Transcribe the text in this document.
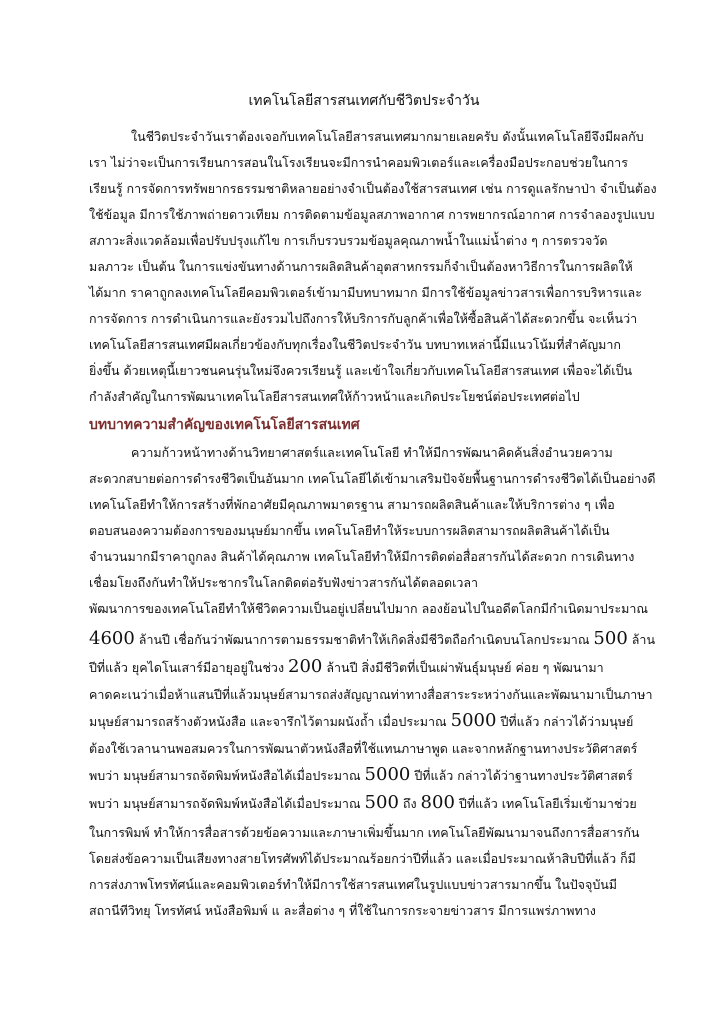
เทคโนโลยีสารสนเทศกับชีวิตประจำวัน
ในชีวิตประจำวันเราต้องเจอกับเทคโนโลยีสารสนเทศมากมายเลยครับ ดังนั้นเทคโนโลยีจึงมีผลกับ
เรา ไม่ว่าจะเป็นการเรียนการสอนในโรงเรียนจะมีการนำคอมพิวเตอร์และเครื่องมือประกอบช่วยในการ
เรียนรู้ การจัดการทรัพยากรธรรมชาติหลายอย่างจำเป็นต้องใช้สารสนเทศ เช่น การดูแลรักษาป่า จำเป็นต้อง
ใช้ข้อมูล มีการใช้ภาพถ่ายดาวเทียม การติดตามข้อมูลสภาพอากาศ การพยากรณ์อากาศ การจำลองรูปแบบ
สภาวะสิ่งแวดล้อมเพื่อปรับปรุงแก้ไข การเก็บรวบรวมข้อมูลคุณภาพน้ำในแม่น้ำต่าง ๆ การตรวจวัด
มลภาวะ เป็นต้น ในการแข่งขันทางด้านการผลิตสินค้าอุตสาหกรรมก็จำเป็นต้องหาวิธีการในการผลิตให้
ได้มาก ราคาถูกลงเทคโนโลยีคอมพิวเตอร์เข้ามามีบทบาทมาก มีการใช้ข้อมูลข่าวสารเพื่อการบริหารและ
การจัดการ การดำเนินการและยังรวมไปถึงการให้บริการกับลูกค้าเพื่อให้ซื้อสินค้าได้สะดวกขึ้น จะเห็นว่า
เทคโนโลยีสารสนเทศมีผลเกี่ยวข้องกับทุกเรื่องในชีวิตประจำวัน บทบาทเหล่านี้มีแนวโน้มที่สำคัญมาก
ยิ่งขึ้น ด้วยเหตุนี้เยาวชนคนรุ่นใหม่จึงควรเรียนรู้ และเข้าใจเกี่ยวกับเทคโนโลยีสารสนเทศ เพื่อจะได้เป็น
กำลังสำคัญในการพัฒนาเทคโนโลยีสารสนเทศให้ก้าวหน้าและเกิดประโยชน์ต่อประเทศต่อไป
บทบาทความสำคัญของเทคโนโลยีสารสนเทศ
ความก้าวหน้าทางด้านวิทยาศาสตร์และเทคโนโลยี ทำให้มีการพัฒนาคิดค้นสิ่งอำนวยความ
สะดวกสบายต่อการดำรงชีวิตเป็นอันมาก เทคโนโลยีได้เข้ามาเสริมปัจจัยพื้นฐานการดำรงชีวิตได้เป็นอย่างดี
เทคโนโลยีทำให้การสร้างที่พักอาศัยมีคุณภาพมาตรฐาน สามารถผลิตสินค้าและให้บริการต่าง ๆ เพื่อ
ตอบสนองความต้องการของมนุษย์มากขึ้น เทคโนโลยีทำให้ระบบการผลิตสามารถผลิตสินค้าได้เป็น
จำนวนมากมีราคาถูกลง สินค้าได้คุณภาพ เทคโนโลยีทำให้มีการติดต่อสื่อสารกันได้สะดวก การเดินทาง
เชื่อมโยงถึงกันทำให้ประชากรในโลกติดต่อรับฟังข่าวสารกันได้ตลอดเวลา
พัฒนาการของเทคโนโลยีทำให้ชีวิตความเป็นอยู่เปลี่ยนไปมาก ลองย้อนไปในอดีตโลกมีกำเนิดมาประมาณ
4600 ล้านปี เชื่อกันว่าพัฒนาการตามธรรมชาติทำให้เกิดสิ่งมีชีวิตถือกำเนิดบนโลกประมาณ 500 ล้าน
ปีที่แล้ว ยุคไดโนเสาร์มีอายุอยู่ในช่วง 200 ล้านปี สิ่งมีชีวิตที่เป็นเผ่าพันธุ์มนุษย์ ค่อย ๆ พัฒนามา
คาดคะเนว่าเมื่อห้าแสนปีที่แล้วมนุษย์สามารถส่งสัญญาณท่าทางสื่อสาระระหว่างกันและพัฒนามาเป็นภาษา
มนุษย์สามารถสร้างตัวหนังสือ และจารึกไว้ตามผนังถ้ำ เมื่อประมาณ 5000 ปีที่แล้ว กล่าวได้ว่ามนุษย์
ต้องใช้เวลานานพอสมควรในการพัฒนาตัวหนังสือที่ใช้แทนภาษาพูด และจากหลักฐานทางประวัติศาสตร์
พบว่า มนุษย์สามารถจัดพิมพ์หนังสือได้เมื่อประมาณ 5000 ปีที่แล้ว กล่าวได้ว่าฐานทางประวัติศาสตร์
พบว่า มนุษย์สามารถจัดพิมพ์หนังสือได้เมื่อประมาณ 500 ถึง 800 ปีที่แล้ว เทคโนโลยีเริ่มเข้ามาช่วย
ในการพิมพ์ ทำให้การสื่อสารด้วยข้อความและภาษาเพิ่มขึ้นมาก เทคโนโลยีพัฒนามาจนถึงการสื่อสารกัน
โดยส่งข้อความเป็นเสียงทางสายโทรศัพท์ได้ประมาณร้อยกว่าปีที่แล้ว และเมื่อประมาณห้าสิบปีที่แล้ว ก็มี
การส่งภาพโทรทัศน์และคอมพิวเตอร์ทำให้มีการใช้สารสนเทศในรูปแบบข่าวสารมากขึ้น ในปัจจุบันมี
สถานีทีวิทยุ โทรทัศน์ หนังสือพิมพ์ แ ละสื่อต่าง ๆ ที่ใช้ในการกระจายข่าวสาร มีการแพร่ภาพทาง
